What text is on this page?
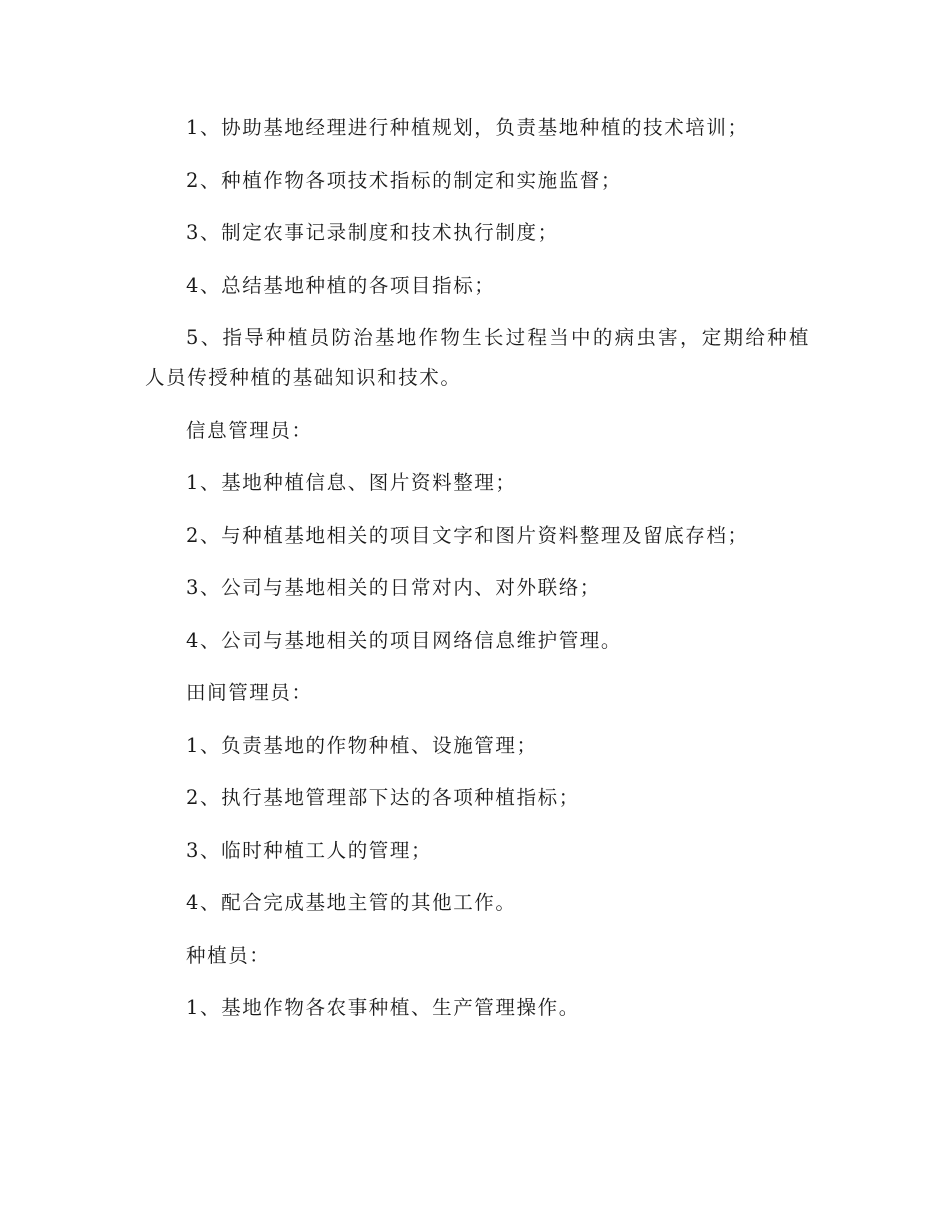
1、协助基地经理进行种植规划，负责基地种植的技术培训；

2、种植作物各项技术指标的制定和实施监督；

3、制定农事记录制度和技术执行制度；

4、总结基地种植的各项目指标；

5、指导种植员防治基地作物生长过程当中的病虫害，定期给种植人员传授种植的基础知识和技术。

信息管理员：

1、基地种植信息、图片资料整理；

2、与种植基地相关的项目文字和图片资料整理及留底存档；

3、公司与基地相关的日常对内、对外联络；

4、公司与基地相关的项目网络信息维护管理。

田间管理员：

1、负责基地的作物种植、设施管理；

2、执行基地管理部下达的各项种植指标；

3、临时种植工人的管理；

4、配合完成基地主管的其他工作。

种植员：

1、基地作物各农事种植、生产管理操作。
